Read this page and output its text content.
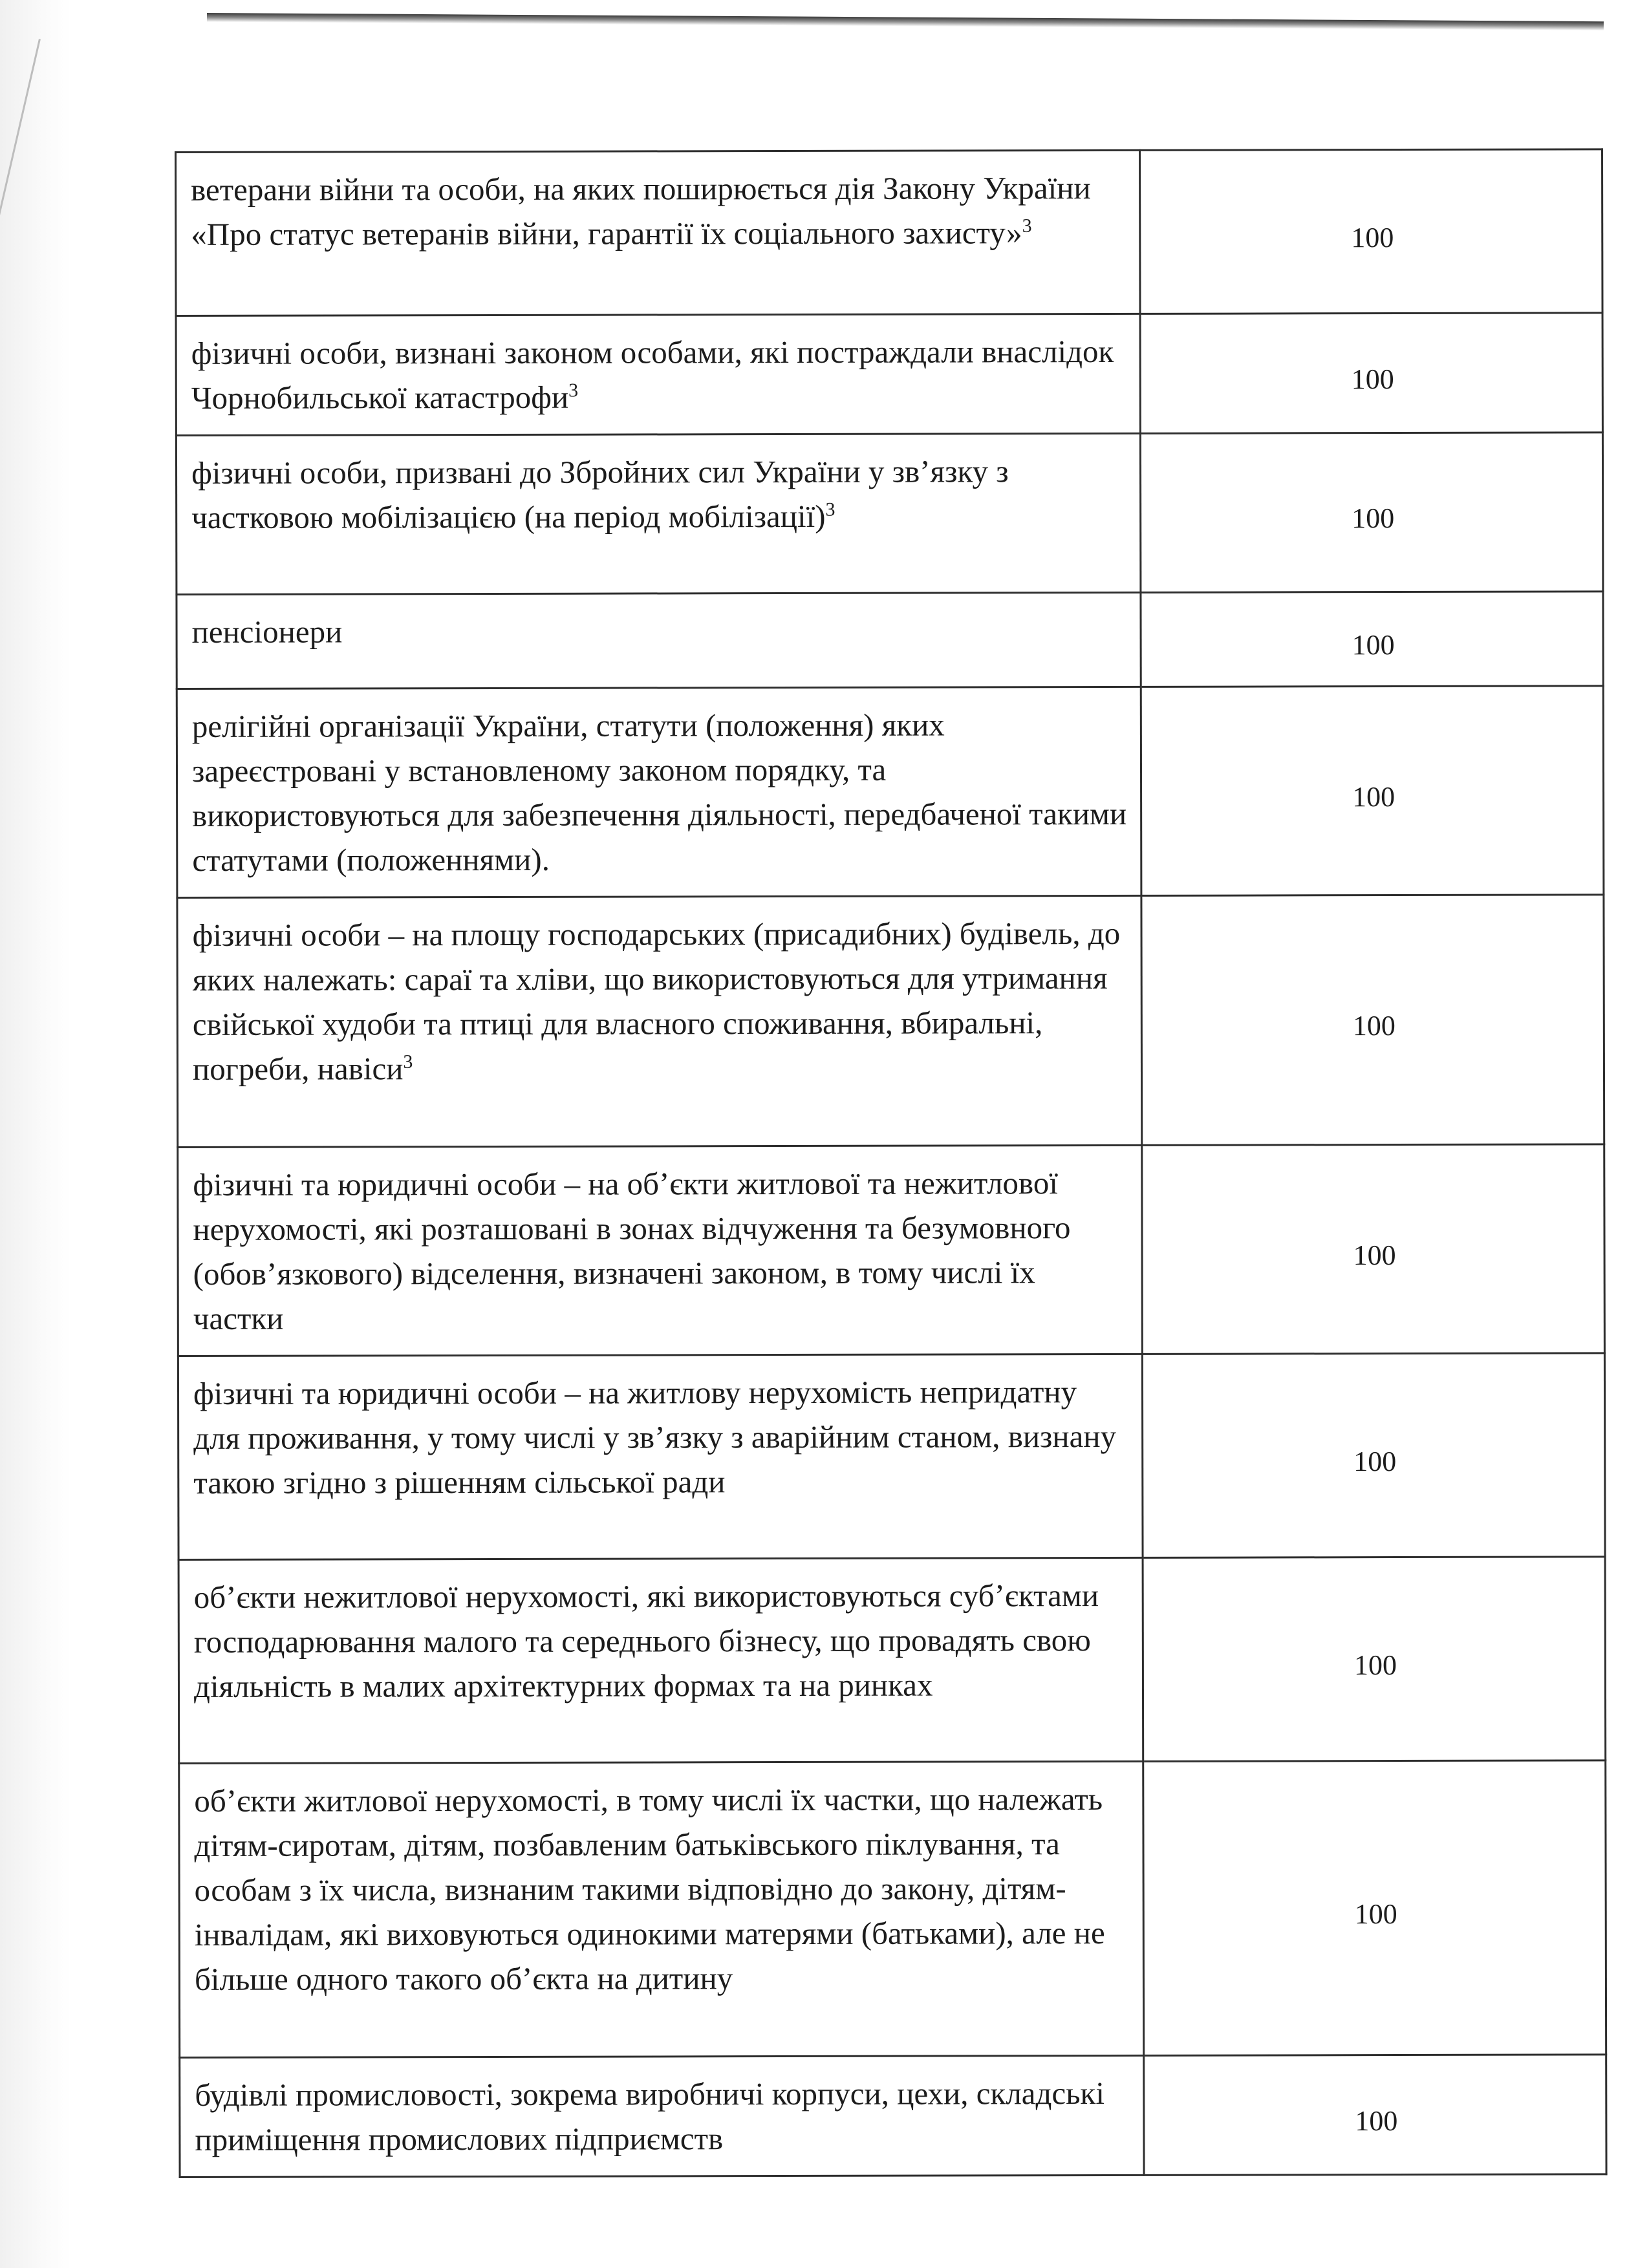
ветерани війни та особи, на яких поширюється дія Закону України «Про статус ветеранів війни, гарантії їх соціального захисту»$^3$	100
фізичні особи, визнані законом особами, які постраждали внаслідок Чорнобильської катастрофи$^3$	100
фізичні особи, призвані до Збройних сил України у зв’язку з частковою мобілізацією (на період мобілізації)$^3$	100
пенсіонери	100
релігійні організації України, статути (положення) яких зареєстровані у встановленому законом порядку, та використовуються для забезпечення діяльності, передбаченої такими статутами (положеннями).	100
фізичні особи – на площу господарських (присадибних) будівель, до яких належать: сараї та хліви, що використовуються для утримання свійської худоби та птиці для власного споживання, вбиральні, погреби, навіси$^3$	100
фізичні та юридичні особи – на об’єкти житлової та нежитлової нерухомості, які розташовані в зонах відчуження та безумовного (обов’язкового) відселення, визначені законом, в тому числі їх частки	100
фізичні та юридичні особи – на житлову нерухомість непридатну для проживання, у тому числі у зв’язку з аварійним станом, визнану такою згідно з рішенням сільської ради	100
об’єкти нежитлової нерухомості, які використовуються суб’єктами господарювання малого та середнього бізнесу, що провадять свою діяльність в малих архітектурних формах та на ринках	100
об’єкти житлової нерухомості, в тому числі їх частки, що належать дітям-сиротам, дітям, позбавленим батьківського піклування, та особам з їх числа, визнаним такими відповідно до закону, дітям-інвалідам, які виховуються одинокими матерями (батьками), але не більше одного такого об’єкта на дитину	100
будівлі промисловості, зокрема виробничі корпуси, цехи, складські приміщення промислових підприємств	100
